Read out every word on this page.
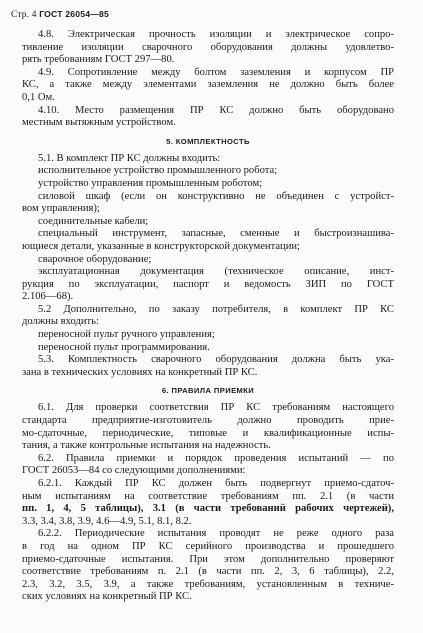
Стр. 4 ГОСТ 26054—85
4.8. Электрическая прочность изоляции и электрическое сопро-
тивление изоляции сварочного оборудования должны удовлетво-
рять требованиям ГОСТ 297—80.
4.9. Сопротивление между болтом заземления и корпусом ПР
КС, а также между элементами заземления не должно быть более
0,1 Ом.
4.10. Место размещения ПР КС должно быть оборудовано
местным вытяжным устройством.
5. КОМПЛЕКТНОСТЬ
5.1. В комплект ПР КС должны входить:
исполнительное устройство промышленного робота;
устройство управления промышленным роботом;
силовой шкаф (если он конструктивно не объединен с устройст-
вом управления);
соединительные кабели;
специальный инструмент, запасные, сменные и быстроизнашива-
ющиеся детали, указанные в конструкторской документации;
сварочное оборудование;
эксплуатационная документация (техническое описание, инст-
рукция по эксплуатации, паспорт и ведомость ЗИП по ГОСТ
2.106—68).
5.2 Дополнительно, по заказу потребителя, в комплект ПР КС
должны входить:
переносной пульт ручного управления;
переносной пульт программирования.
5.3. Комплектность сварочного оборудования должна быть ука-
зана в технических условиях на конкретный ПР КС.
6. ПРАВИЛА ПРИЕМКИ
6.1. Для проверки соответствия ПР КС требованиям настоящего
стандарта предприятие-изготовитель должно проводить прие-
мо-сдаточные, периодические, типовые и квалификационные испы-
тания, а также контрольные испытания на надежность.
6.2. Правила приемки и порядок проведения испытаний — по
ГОСТ 26053—84 со следующими дополнениями:
6.2.1. Каждый ПР КС должен быть подвергнут приемо-сдаточ-
ным испытаниям на соответствие требованиям пп. 2.1 (в части
пп. 1, 4, 5 таблицы), 3.1 (в части требований рабочих чертежей),
3.3, 3.4, 3.8, 3.9, 4.6—4.9, 5.1, 8.1, 8.2.
6.2.2. Периодические испытания проводят не реже одного раза
в год на одном ПР КС серийного производства и прошедшего
приемо-сдаточные испытания. При этом дополнительно проверяют
соответствие требованиям п. 2.1 (в части пп. 2, 3, 6 таблицы), 2.2,
2.3, 3.2, 3.5, 3.9, а также требованиям, установленным в техниче-
ских условиях на конкретный ПР КС.
